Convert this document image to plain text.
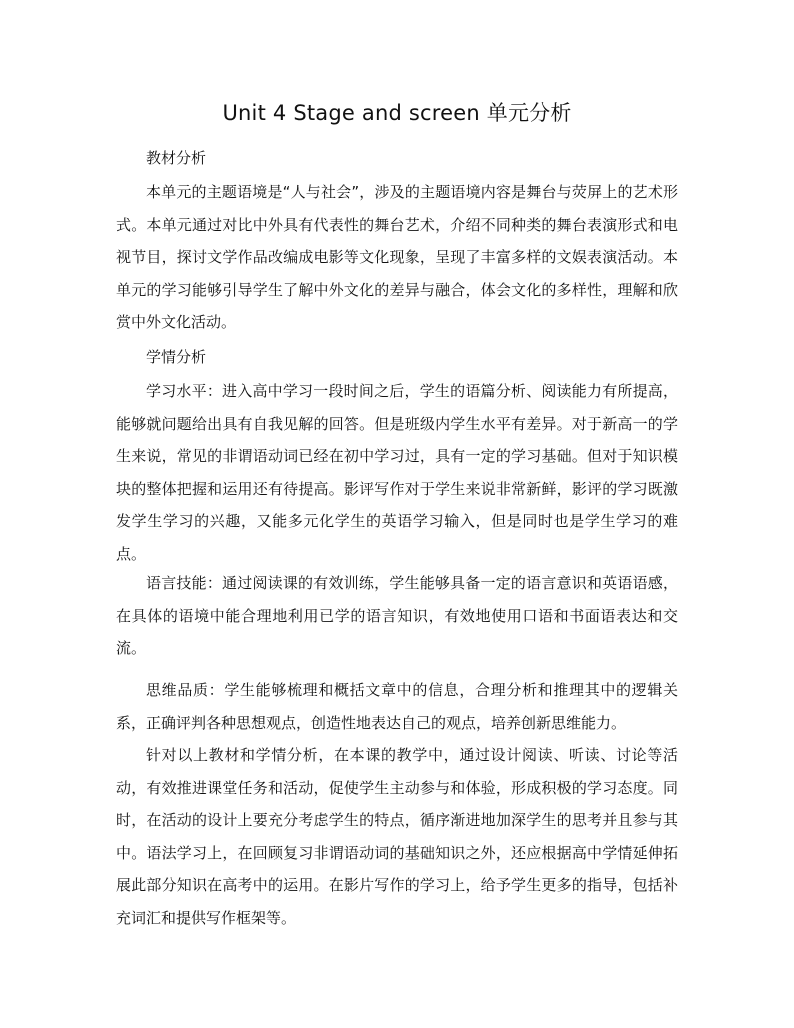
Unit 4 Stage and screen 单元分析
教材分析

本单元的主题语境是“人与社会”，涉及的主题语境内容是舞台与荧屏上的艺术形式。本单元通过对比中外具有代表性的舞台艺术，介绍不同种类的舞台表演形式和电视节目，探讨文学作品改编成电影等文化现象，呈现了丰富多样的文娱表演活动。本单元的学习能够引导学生了解中外文化的差异与融合，体会文化的多样性，理解和欣赏中外文化活动。

学情分析

学习水平：进入高中学习一段时间之后，学生的语篇分析、阅读能力有所提高，能够就问题给出具有自我见解的回答。但是班级内学生水平有差异。对于新高一的学生来说，常见的非谓语动词已经在初中学习过，具有一定的学习基础。但对于知识模块的整体把握和运用还有待提高。影评写作对于学生来说非常新鲜，影评的学习既激发学生学习的兴趣，又能多元化学生的英语学习输入，但是同时也是学生学习的难点。

语言技能：通过阅读课的有效训练，学生能够具备一定的语言意识和英语语感，在具体的语境中能合理地利用已学的语言知识，有效地使用口语和书面语表达和交流。

思维品质：学生能够梳理和概括文章中的信息，合理分析和推理其中的逻辑关系，正确评判各种思想观点，创造性地表达自己的观点，培养创新思维能力。

针对以上教材和学情分析，在本课的教学中，通过设计阅读、听读、讨论等活动，有效推进课堂任务和活动，促使学生主动参与和体验，形成积极的学习态度。同时，在活动的设计上要充分考虑学生的特点，循序渐进地加深学生的思考并且参与其中。语法学习上，在回顾复习非谓语动词的基础知识之外，还应根据高中学情延伸拓展此部分知识在高考中的运用。在影片写作的学习上，给予学生更多的指导，包括补充词汇和提供写作框架等。
